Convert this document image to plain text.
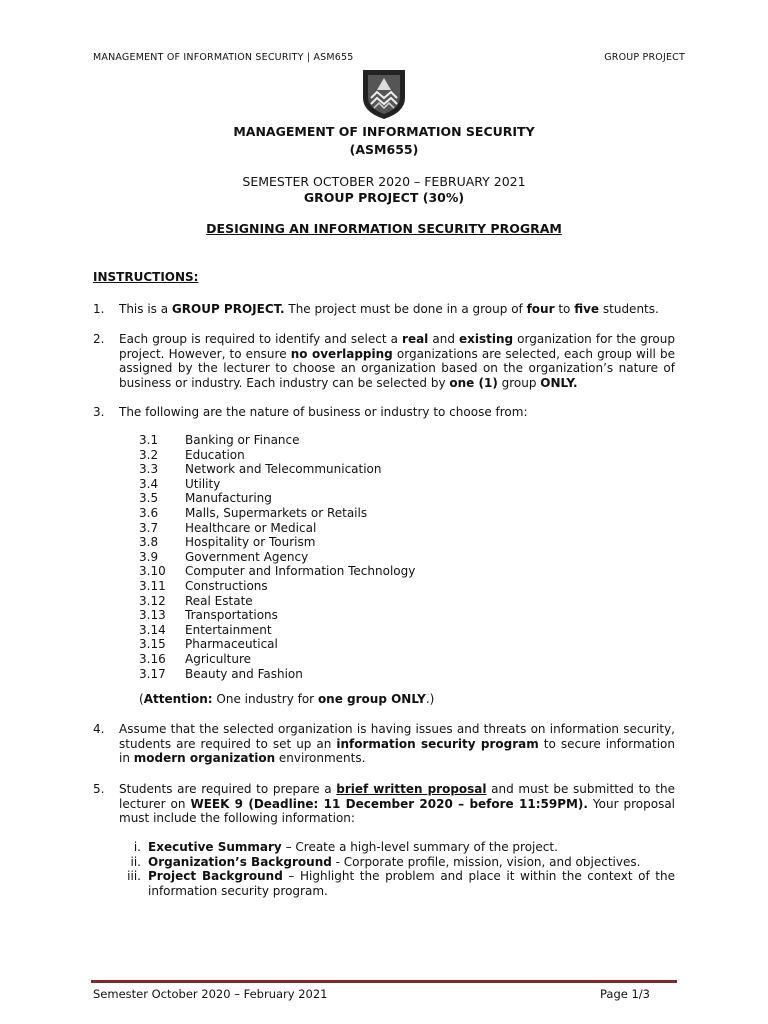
MANAGEMENT OF INFORMATION SECURITY | ASM655	GROUP PROJECT
MANAGEMENT OF INFORMATION SECURITY
(ASM655)
SEMESTER OCTOBER 2020 – FEBRUARY 2021
GROUP PROJECT (30%)
DESIGNING AN INFORMATION SECURITY PROGRAM
INSTRUCTIONS:
1. This is a GROUP PROJECT. The project must be done in a group of four to five students.
2. Each group is required to identify and select a real and existing organization for the group project. However, to ensure no overlapping organizations are selected, each group will be assigned by the lecturer to choose an organization based on the organization’s nature of business or industry. Each industry can be selected by one (1) group ONLY.
3. The following are the nature of business or industry to choose from:
3.1 Banking or Finance
3.2 Education
3.3 Network and Telecommunication
3.4 Utility
3.5 Manufacturing
3.6 Malls, Supermarkets or Retails
3.7 Healthcare or Medical
3.8 Hospitality or Tourism
3.9 Government Agency
3.10 Computer and Information Technology
3.11 Constructions
3.12 Real Estate
3.13 Transportations
3.14 Entertainment
3.15 Pharmaceutical
3.16 Agriculture
3.17 Beauty and Fashion
(Attention: One industry for one group ONLY.)
4. Assume that the selected organization is having issues and threats on information security, students are required to set up an information security program to secure information in modern organization environments.
5. Students are required to prepare a brief written proposal and must be submitted to the lecturer on WEEK 9 (Deadline: 11 December 2020 – before 11:59PM). Your proposal must include the following information:
i. Executive Summary – Create a high-level summary of the project.
ii. Organization’s Background - Corporate profile, mission, vision, and objectives.
iii. Project Background – Highlight the problem and place it within the context of the information security program.
Semester October 2020 – February 2021	Page 1/3
